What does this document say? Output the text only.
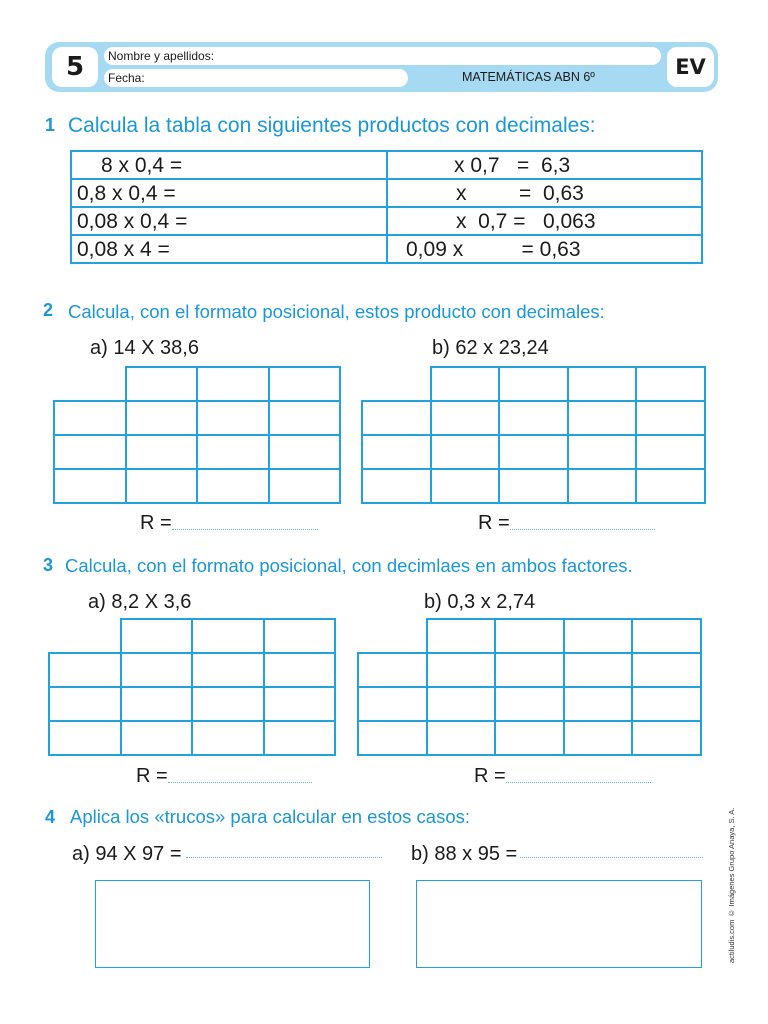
5	Nombre y apellidos:
Fecha:	MATEMÁTICAS ABN 6º	EV
1 Calcula la tabla con siguientes productos con decimales:
8 x 0,4 =	x 0,7   =  6,3
0,8 x 0,4 =	x         =  0,63
0,08 x 0,4 =	x  0,7 =   0,063
0,08 x 4 =	0,09 x          = 0,63
2 Calcula, con el formato posicional, estos producto con decimales:
a) 14 X 38,6	b) 62 x 23,24

R =	R =
3 Calcula, con el formato posicional, con decimlaes en ambos factores.
a) 8,2 X 3,6	b) 0,3 x 2,74

R =	R =
4 Aplica los «trucos» para calcular en estos casos:
a) 94 X 97 =	b) 88 x 95 =	actiludis.com © Imágenes Grupo Anaya, S. A.
